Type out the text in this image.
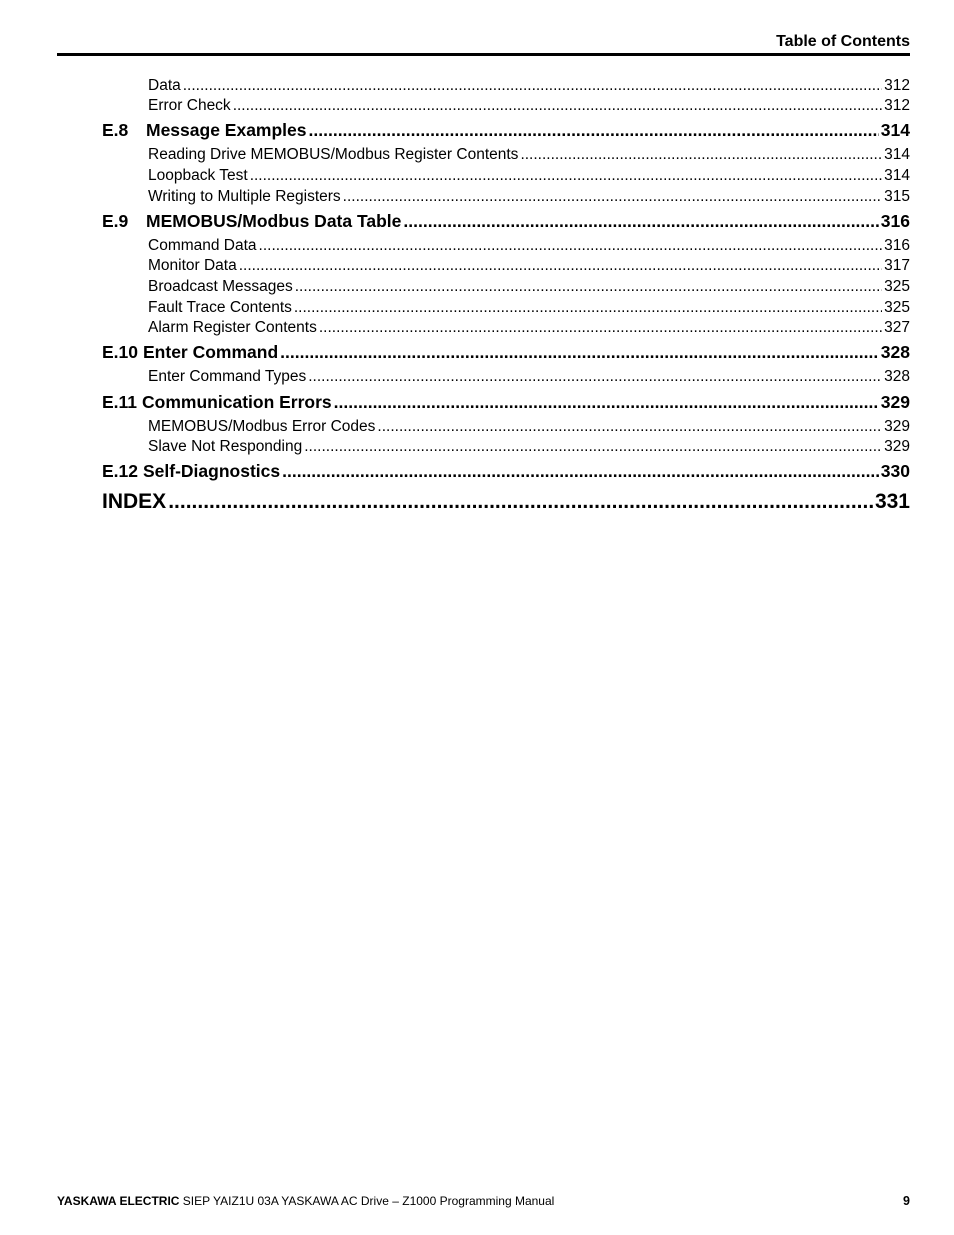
Table of Contents
Data .....	312
Error Check .....	312
E.8 Message Examples .....	314
Reading Drive MEMOBUS/Modbus Register Contents .....	314
Loopback Test .....	314
Writing to Multiple Registers .....	315
E.9 MEMOBUS/Modbus Data Table .....	316
Command Data .....	316
Monitor Data .....	317
Broadcast Messages .....	325
Fault Trace Contents .....	325
Alarm Register Contents .....	327
E.10 Enter Command .....	328
Enter Command Types .....	328
E.11 Communication Errors .....	329
MEMOBUS/Modbus Error Codes .....	329
Slave Not Responding .....	329
E.12 Self-Diagnostics .....	330
INDEX .....	331
YASKAWA ELECTRIC SIEP YAIZ1U 03A YASKAWA AC Drive – Z1000 Programming Manual	9
